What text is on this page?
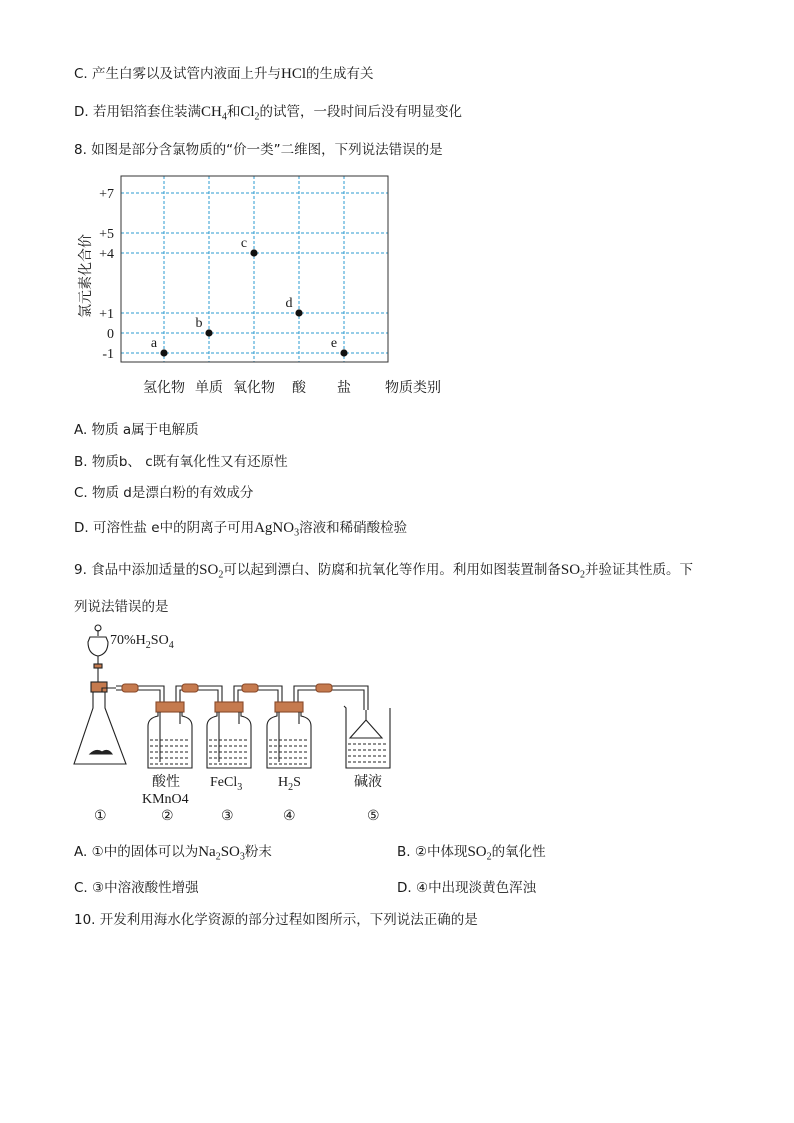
C. 产生白雾以及试管内液面上升与HCl的生成有关
D. 若用铝箔套住装满$CH_4$和$Cl_2$的试管，一段时间后没有明显变化
8. 如图是部分含氯物质的“价一类”二维图，下列说法错误的是
+7
+5
+4
+1
0
-1
氢化物 单质 氧化物 酸 盐
a
b
c
d
e
氯元素化合价
物质类别
A. 物质 a属于电解质
B. 物质b、 c既有氧化性又有还原性
C. 物质 d是漂白粉的有效成分
D. 可溶性盐 e中的阴离子可用AgNO$_3$溶液和稀硝酸检验
9. 食品中添加适量的$SO_2$可以起到漂白、防腐和抗氧化等作用。利用如图装置制备$SO_2$并验证其性质。下
列说法错误的是
$70\%H_2SO_4$
酸性
KMnO4
FeCl$_3$	$H_2S$	碱液
①	②	③	④	⑤
A. ①中的固体可以为$Na_2SO_3$粉末	B. ②中体现$SO_2$的氧化性
C. ③中溶液酸性增强	D. ④中出现淡黄色浑浊
10. 开发利用海水化学资源的部分过程如图所示，下列说法正确的是
